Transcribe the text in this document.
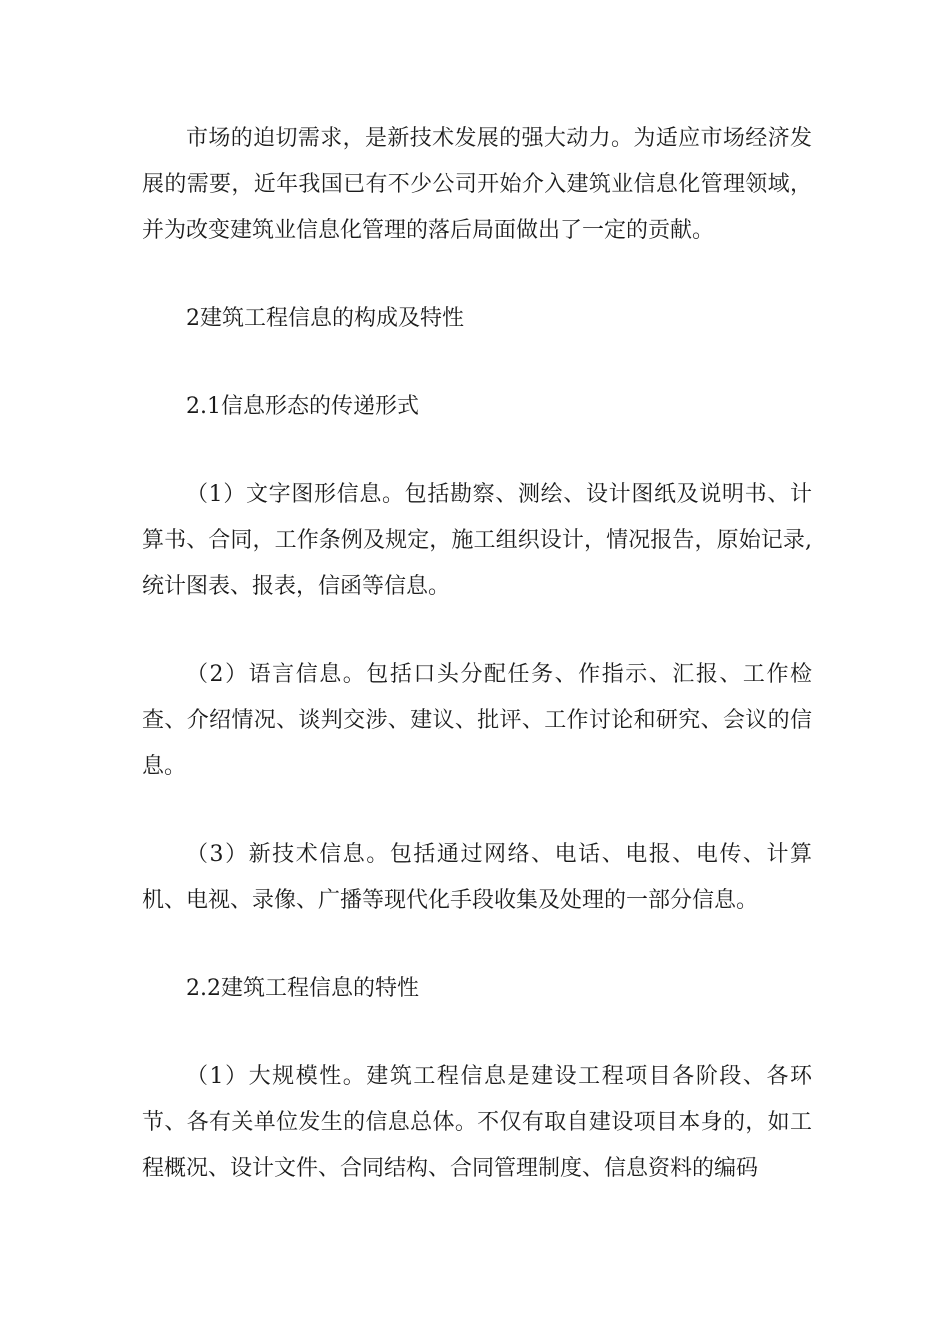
市场的迫切需求，是新技术发展的强大动力。为适应市场经济发展的需要，近年我国已有不少公司开始介入建筑业信息化管理领域，并为改变建筑业信息化管理的落后局面做出了一定的贡献。

2建筑工程信息的构成及特性

2.1信息形态的传递形式

（1）文字图形信息。包括勘察、测绘、设计图纸及说明书、计算书、合同，工作条例及规定，施工组织设计，情况报告，原始记录,统计图表、报表，信函等信息。

（2）语言信息。包括口头分配任务、作指示、汇报、工作检查、介绍情况、谈判交涉、建议、批评、工作讨论和研究、会议的信息。

（3）新技术信息。包括通过网络、电话、电报、电传、计算机、电视、录像、广播等现代化手段收集及处理的一部分信息。

2.2建筑工程信息的特性

（1）大规模性。建筑工程信息是建设工程项目各阶段、各环节、各有关单位发生的信息总体。不仅有取自建设项目本身的，如工程概况、设计文件、合同结构、合同管理制度、信息资料的编码
